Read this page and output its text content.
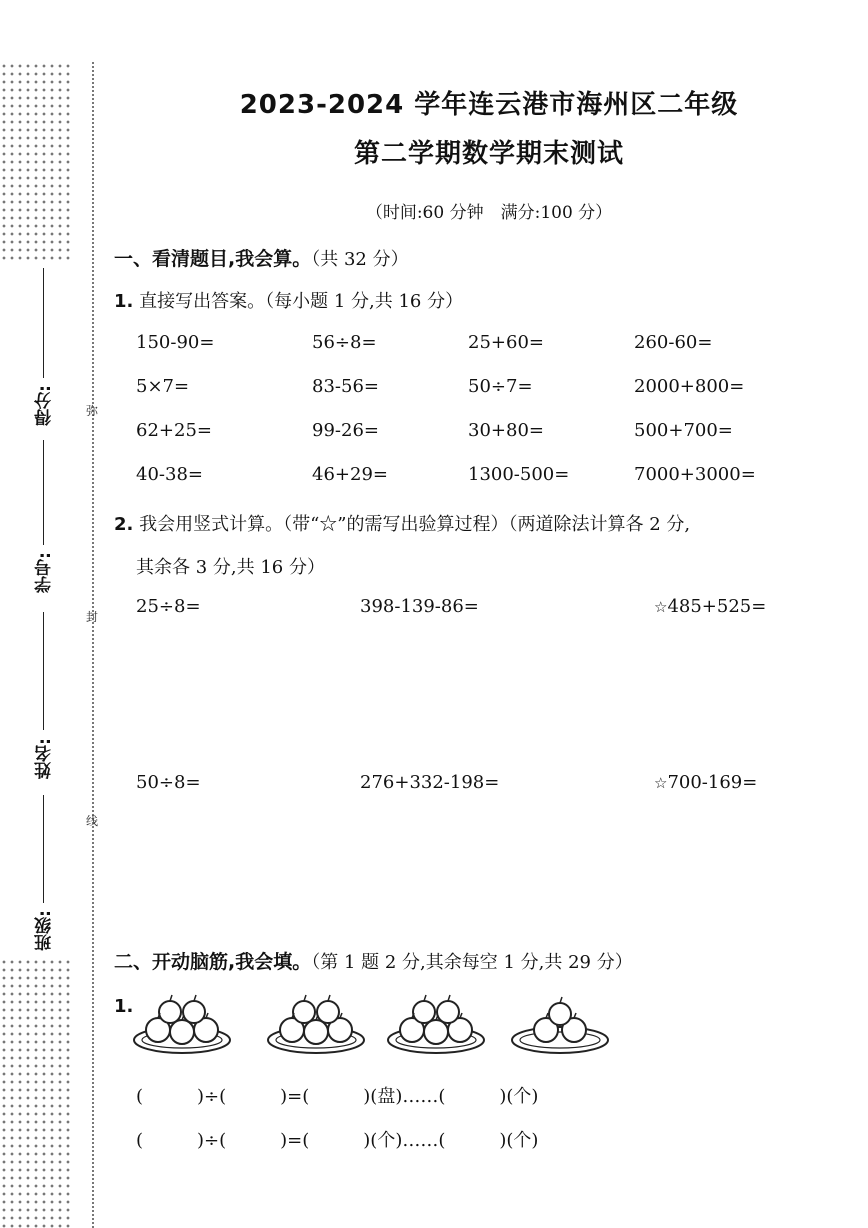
得分:
学号:
姓名:
班级:
弥
封
线
2023-2024 学年连云港市海州区二年级
第二学期数学期末测试
（时间:60 分钟　满分:100 分）
一、看清题目,我会算。（共 32 分）
1. 直接写出答案。（每小题 1 分,共 16 分）
150-90=	56÷8=	25+60=	260-60=
5×7=	83-56=	50÷7=	2000+800=
62+25=	99-26=	30+80=	500+700=
40-38=	46+29=	1300-500=	7000+3000=
2. 我会用竖式计算。（带“☆”的需写出验算过程）（两道除法计算各 2 分,
其余各 3 分,共 16 分）
25÷8=	398-139-86=	☆485+525=
50÷8=	276+332-198=	☆700-169=
二、开动脑筋,我会填。（第 1 题 2 分,其余每空 1 分,共 29 分）
1.
(　　　)÷(　　　)=(　　　)(盘)……(　　　)(个)
(　　　)÷(　　　)=(　　　)(个)……(　　　)(个)
